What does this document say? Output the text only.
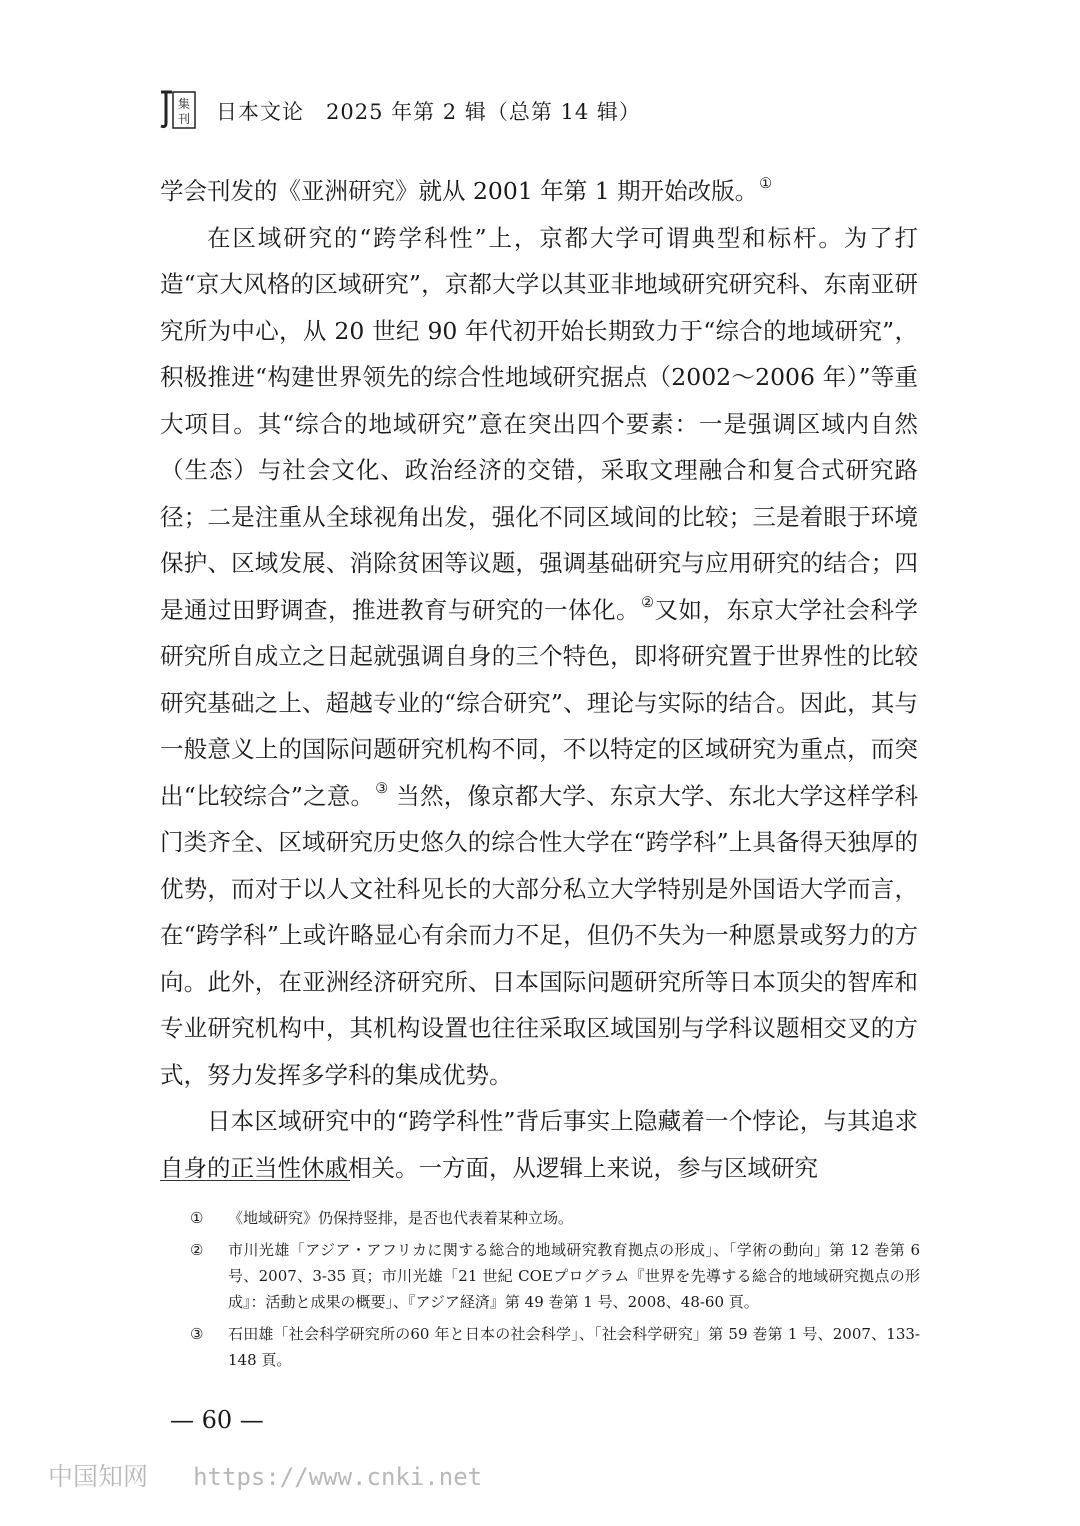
集
刊 日本文论　2025 年第 2 辑（总第 14 辑）

学会刊发的《亚洲研究》就从 2001 年第 1 期开始改版。①

在区域研究的“跨学科性”上，京都大学可谓典型和标杆。为了打造“京大风格的区域研究”，京都大学以其亚非地域研究研究科、东南亚研究所为中心，从 20 世纪 90 年代初开始长期致力于“综合的地域研究”，积极推进“构建世界领先的综合性地域研究据点（2002～2006 年）”等重大项目。其“综合的地域研究”意在突出四个要素：一是强调区域内自然（生态）与社会文化、政治经济的交错，采取文理融合和复合式研究路径；二是注重从全球视角出发，强化不同区域间的比较；三是着眼于环境保护、区域发展、消除贫困等议题，强调基础研究与应用研究的结合；四是通过田野调查，推进教育与研究的一体化。②又如，东京大学社会科学研究所自成立之日起就强调自身的三个特色，即将研究置于世界性的比较研究基础之上、超越专业的“综合研究”、理论与实际的结合。因此，其与一般意义上的国际问题研究机构不同，不以特定的区域研究为重点，而突出“比较综合”之意。③ 当然，像京都大学、东京大学、东北大学这样学科门类齐全、区域研究历史悠久的综合性大学在“跨学科”上具备得天独厚的优势，而对于以人文社科见长的大部分私立大学特别是外国语大学而言，在“跨学科”上或许略显心有余而力不足，但仍不失为一种愿景或努力的方向。此外，在亚洲经济研究所、日本国际问题研究所等日本顶尖的智库和专业研究机构中，其机构设置也往往采取区域国别与学科议题相交叉的方式，努力发挥多学科的集成优势。

日本区域研究中的“跨学科性”背后事实上隐藏着一个悖论，与其追求自身的正当性休戚相关。一方面，从逻辑上来说，参与区域研究

① 《地域研究》仍保持竖排，是否也代表着某种立场。
② 市川光雄「アジア・アフリカに関する総合的地域研究教育拠点の形成」、「学術の動向」第 12 巻第 6 号、2007、3-35 頁；市川光雄「21 世紀 COEプログラム『世界を先導する総合的地域研究拠点の形成』：活動と成果の概要」、『アジア経済』第 49 巻第 1 号、2008、48-60 頁。
③ 石田雄「社会科学研究所の60 年と日本の社会科学」、「社会科学研究」第 59 巻第 1 号、2007、133-148 頁。
— 60 —
中国知网 https://www.cnki.net
